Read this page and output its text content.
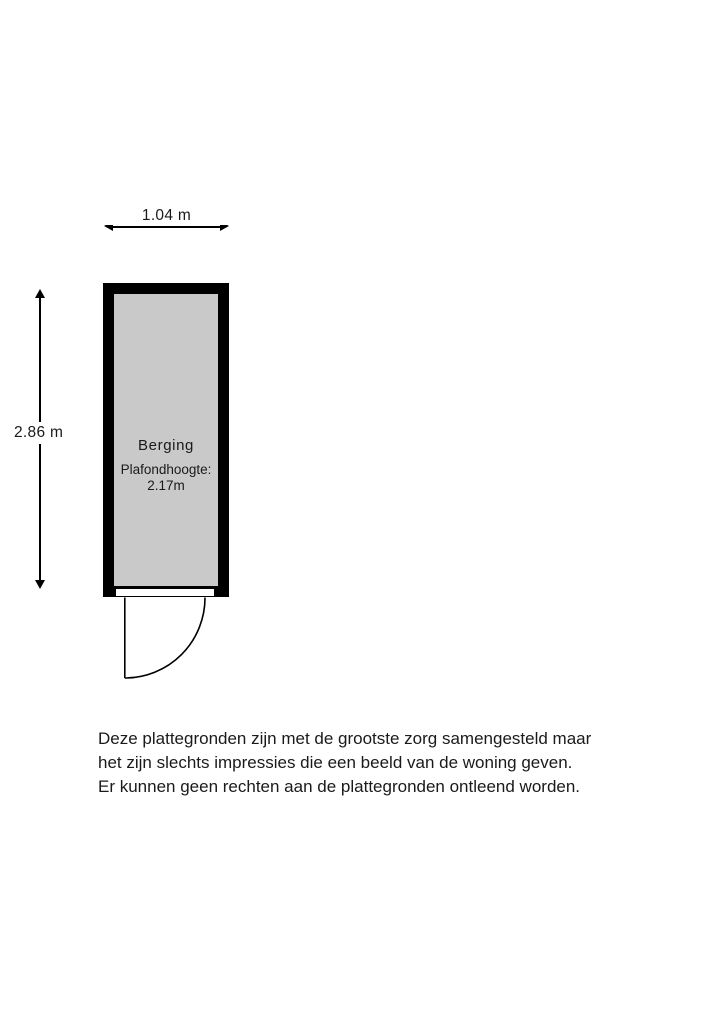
1.04 m
2.86 m
Berging
Plafondhoogte:
2.17m
Deze plattegronden zijn met de grootste zorg samengesteld maar
het zijn slechts impressies die een beeld van de woning geven.
Er kunnen geen rechten aan de plattegronden ontleend worden.
